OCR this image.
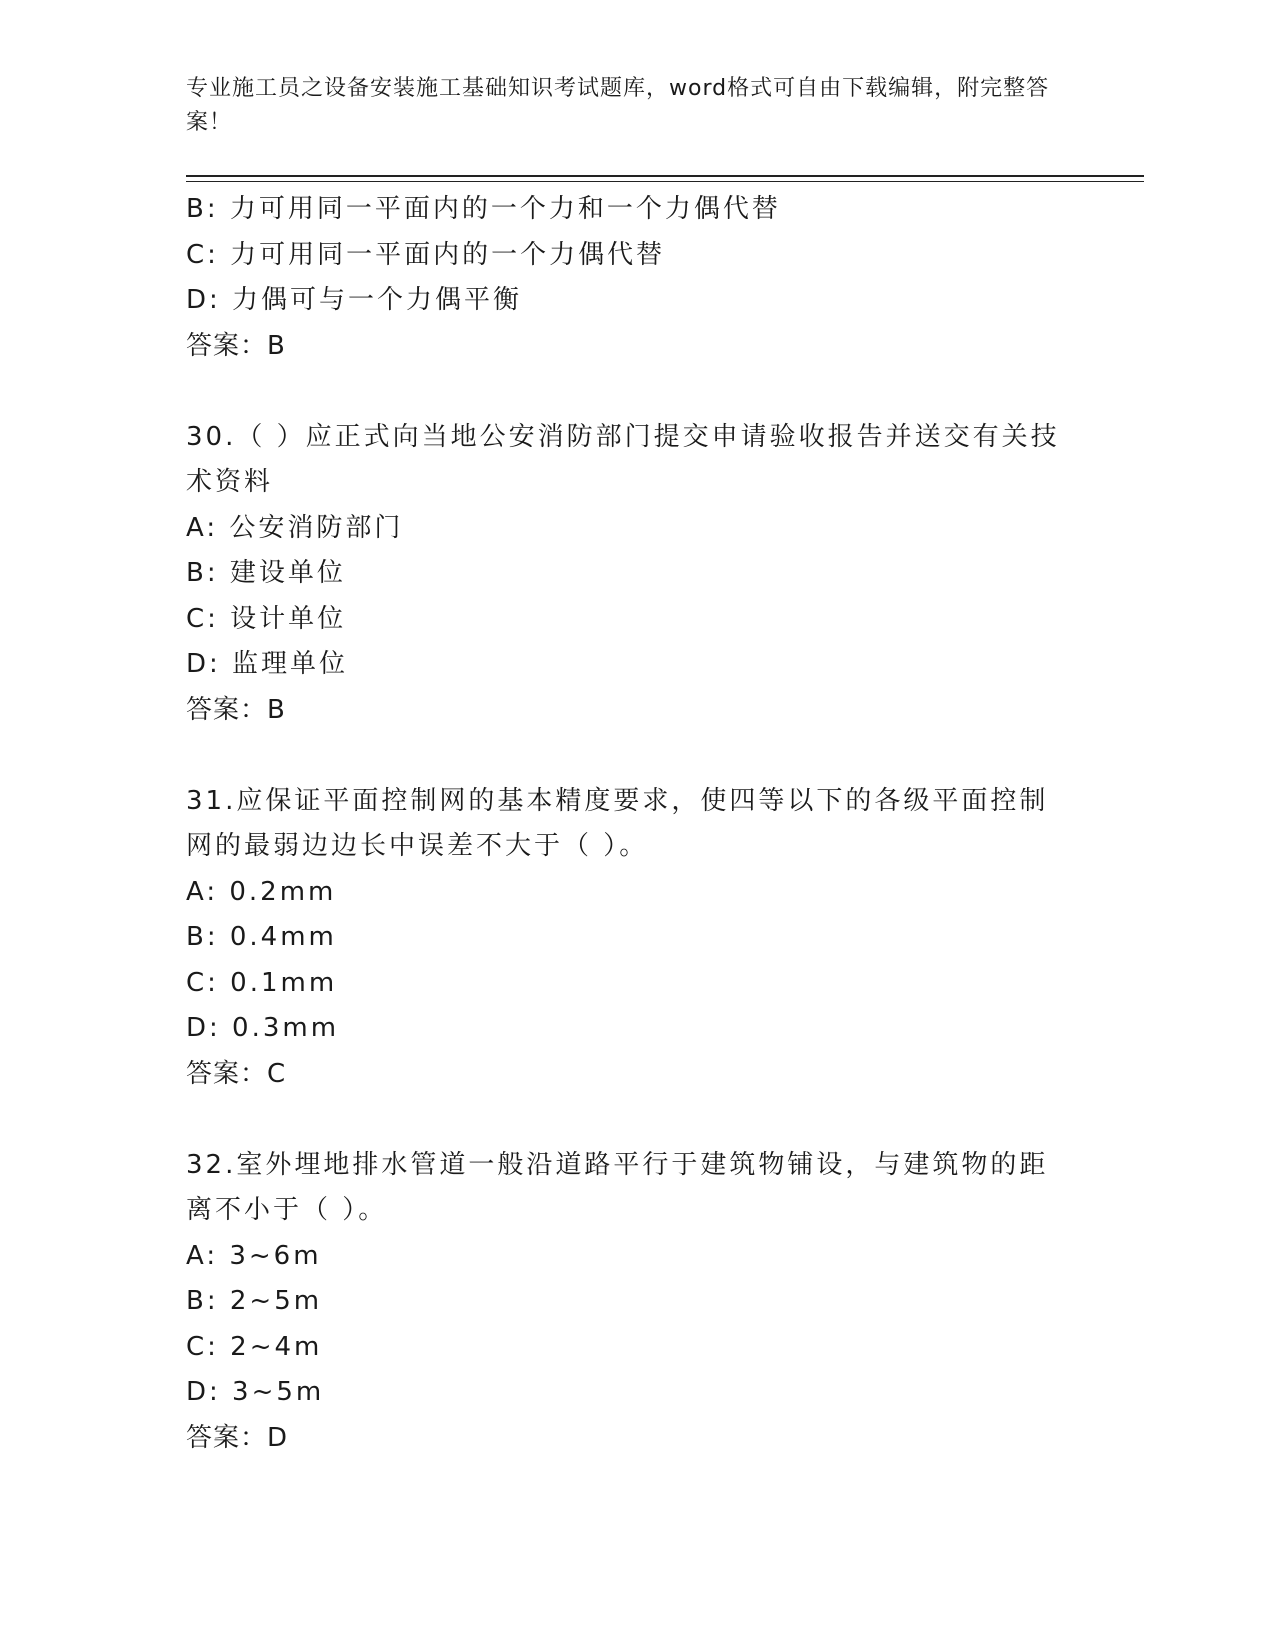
专业施工员之设备安装施工基础知识考试题库，word格式可自由下载编辑，附完整答案！
B: 力可用同一平面内的一个力和一个力偶代替
C: 力可用同一平面内的一个力偶代替
D: 力偶可与一个力偶平衡
答案：B
30.（ ）应正式向当地公安消防部门提交申请验收报告并送交有关技术资料
A: 公安消防部门
B: 建设单位
C: 设计单位
D: 监理单位
答案：B
31.应保证平面控制网的基本精度要求，使四等以下的各级平面控制网的最弱边边长中误差不大于（ ）。
A: 0.2mm
B: 0.4mm
C: 0.1mm
D: 0.3mm
答案：C
32.室外埋地排水管道一般沿道路平行于建筑物铺设，与建筑物的距离不小于（ ）。
A: 3~6m
B: 2~5m
C: 2~4m
D: 3~5m
答案：D
